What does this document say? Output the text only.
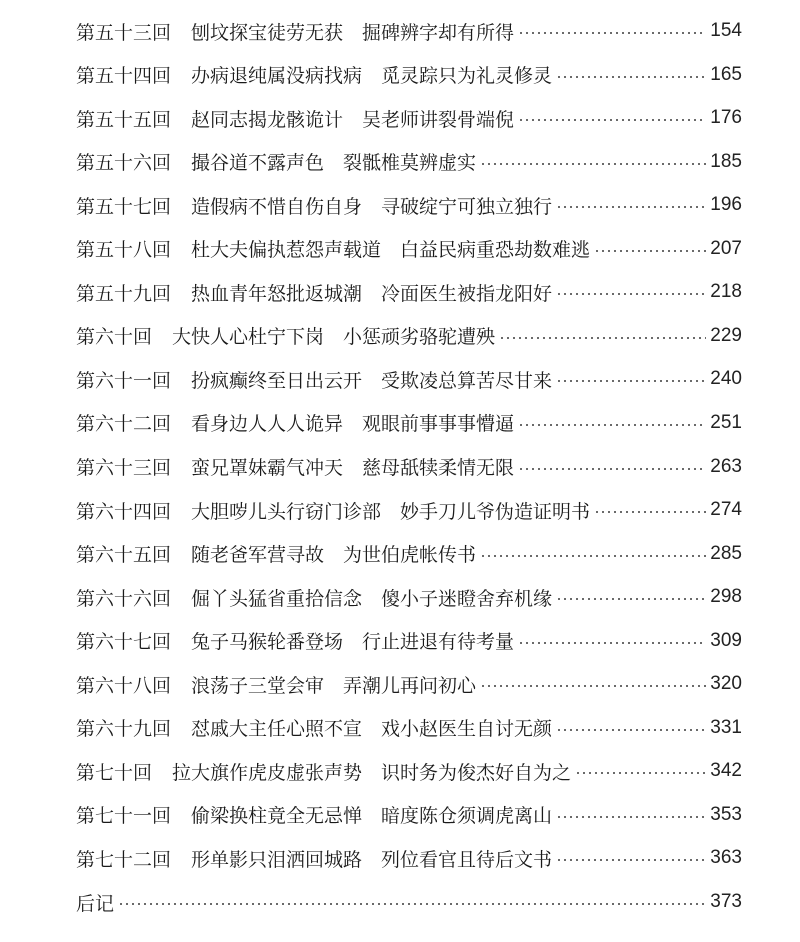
第五十三回 刨坟探宝徒劳无获　掘碑辨字却有所得	154
第五十四回 办病退纯属没病找病　觅灵踪只为礼灵修灵	165
第五十五回 赵同志揭龙骸诡计　吴老师讲裂骨端倪	176
第五十六回 撮谷道不露声色　裂骶椎莫辨虚实	185
第五十七回 造假病不惜自伤自身　寻破绽宁可独立独行	196
第五十八回 杜大夫偏执惹怨声载道　白益民病重恐劫数难逃	207
第五十九回 热血青年怒批返城潮　冷面医生被指龙阳好	218
第六十回 大快人心杜宁下岗　小惩顽劣骆驼遭殃	229
第六十一回 扮疯癫终至日出云开　受欺凌总算苦尽甘来	240
第六十二回 看身边人人人诡异　观眼前事事事懵逼	251
第六十三回 蛮兄罩妹霸气冲天　慈母舐犊柔情无限	263
第六十四回 大胆哕儿头行窃门诊部　妙手刀儿爷伪造证明书	274
第六十五回 随老爸军营寻故　为世伯虎帐传书	285
第六十六回 倔丫头猛省重拾信念　傻小子迷瞪舍弃机缘	298
第六十七回 兔子马猴轮番登场　行止进退有待考量	309
第六十八回 浪荡子三堂会审　弄潮儿再问初心	320
第六十九回 怼戚大主任心照不宣　戏小赵医生自讨无颜	331
第七十回 拉大旗作虎皮虚张声势　识时务为俊杰好自为之	342
第七十一回 偷梁换柱竟全无忌惮　暗度陈仓须调虎离山	353
第七十二回 形单影只泪洒回城路　列位看官且待后文书	363
后记	373
